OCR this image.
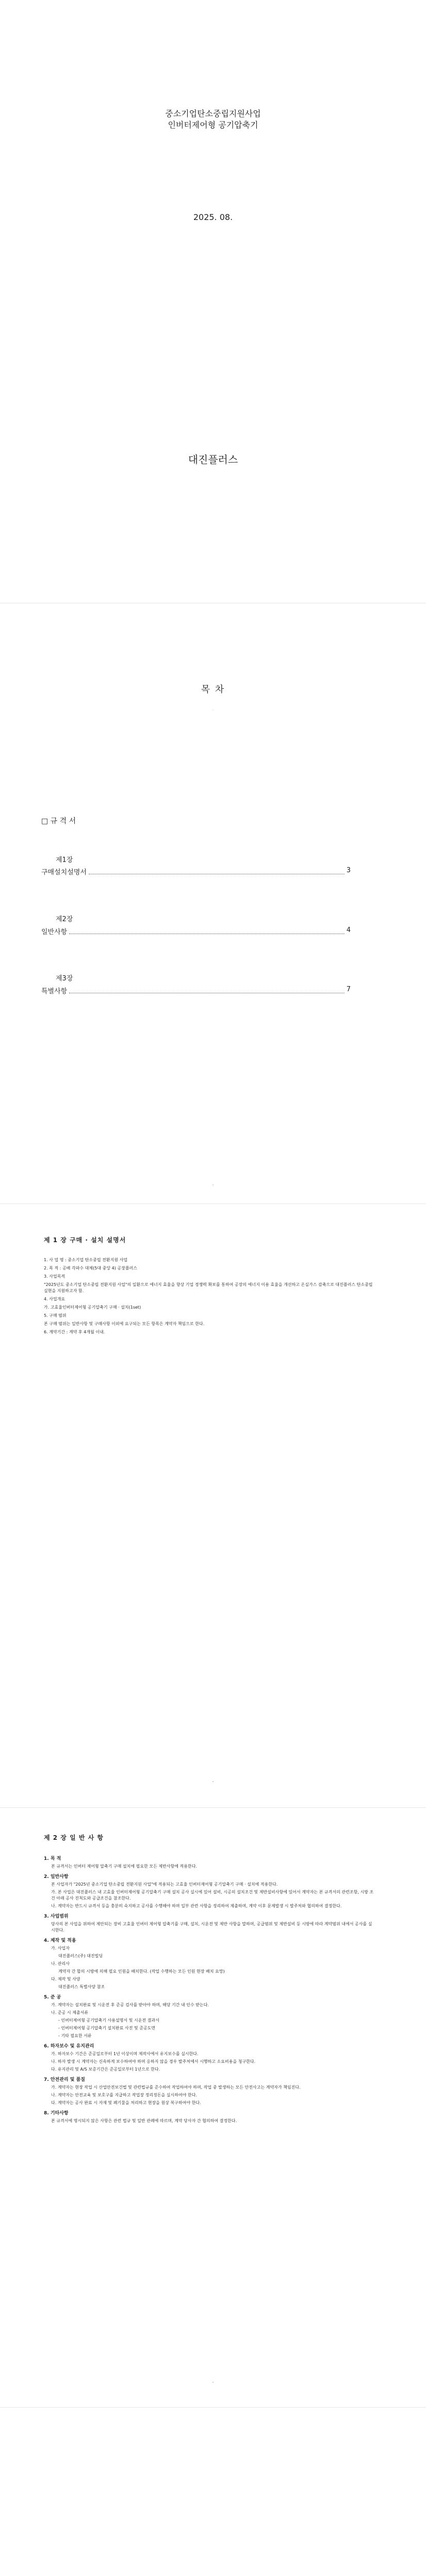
중소기업탄소중립지원사업
인버터제어형 공기압축기
2025. 08.
대진플러스
목 차
i
□ 규 격 서
제1장
구매설치설명서	3
제2장
일반사항	4
제3장
특별사항	7
1
제 1 장 구매 · 설치 설명서

1. 사 업 명 : 중소기업 탄소중립 전환지원 사업

2. 목 적 : 공배 각파수 대체(5대 중앙 4) 공장플러스

3. 사업목적

"2025년도 중소기업 탄소중립 전환지원 사업"의 일환으로 에너지 효율을 향상 기업 경쟁력 확보를 통하여 공장의 에너지 이용 효율을 개선하고 온실가스 감축으로 대진플러스 탄소중립 실현을 지원하고자 함.

4. 사업개요

가. 고효율인버터제어형 공기압축기 구매 · 설치(1set)

5. 구매 범위

본 구매 범위는 일반사항 및 구매사항 이외에 요구되는 모든 항목은 계약자 책임으로 한다.

6. 계약기간 : 계약 후 4개월 이내.

2
제 2 장 일 반 사 항

1. 목 적

본 규격서는 인버터 제어형 압축기 구매 설치에 필요한 모든 제반사항에 적용한다.

2. 일반사항

본 사업자가 "2025년 중소기업 탄소중립 전환지원 사업"에 적용되는 고효율 인버터제어형 공기압축기 구매 · 설치에 적용한다.

가. 본 사업은 대진플러스 내 고효율 인버터제어형 공기압축기 구매 설치 공사 실시에 있어 설비, 시공의 설치조건 및 제반설비사항에 있어서 계약자는 본 규격서의 관련조항, 시방 조건 아래 공사 진척도와 공급조건을 참조한다.

나. 계약자는 반드시 규격서 등을 충분히 숙지하고 공사를 수행해야 하며 일부 관련 사항을 정리하여 제출하며, 계약 이후 문제발생 시 발주처와 협의하여 결정한다.

3. 사업범위

당사의 본 사업을 위하여 제안되는 장비 고효율 인버터 제어형 압축기를 구매, 설치, 시운전 및 제반 사항을 말하며, 공급범위 및 제반설비 등 시방에 따라 계약범위 내에서 공사를 실시한다.

4. 제작 및 적용

가. 사업자

대진플러스(주) 대진빌딩

나. 관리사

계약자 간 합의 시방에 의해 필요 인원을 배치한다. (작업 수행하는 모든 인원 현장 배치 요망)

다. 제작 및 사양

대진플러스 특별사양 참조

5. 준 공

가. 계약자는 설치완료 및 시운전 후 준공 검사를 받아야 하며, 해당 기간 내 인수 받는다.

나. 준공 시 제출서류

- 인버터제어형 공기압축기 사용설명서 및 시운전 결과서

- 인버터제어형 공기압축기 설치완료 사진 및 준공도면

- 기타 필요한 서류

6. 하자보수 및 유지관리

가. 하자보수 기간은 준공일로부터 1년 이상이며 제작사에서 유지보수를 실시한다.

나. 하자 발생 시 계약자는 신속하게 보수하여야 하며 응하지 않을 경우 발주처에서 시행하고 소요비용을 청구한다.

다. 유지관리 및 A/S 보증기간은 준공일로부터 1년으로 한다.

7. 안전관리 및 품질

가. 계약자는 현장 작업 시 산업안전보건법 및 관련법규를 준수하여 작업하여야 하며, 작업 중 발생하는 모든 안전사고는 계약자가 책임진다.

나. 계약자는 안전교육 및 보호구를 지급하고 작업장 정리정돈을 실시하여야 한다.

다. 계약자는 공사 완료 시 자재 및 폐기물을 처리하고 현장을 원상 복구하여야 한다.

8. 기타사항

본 규격서에 명시되지 않은 사항은 관련 법규 및 일반 관례에 따르며, 계약 당사자 간 협의하여 결정한다.

3
